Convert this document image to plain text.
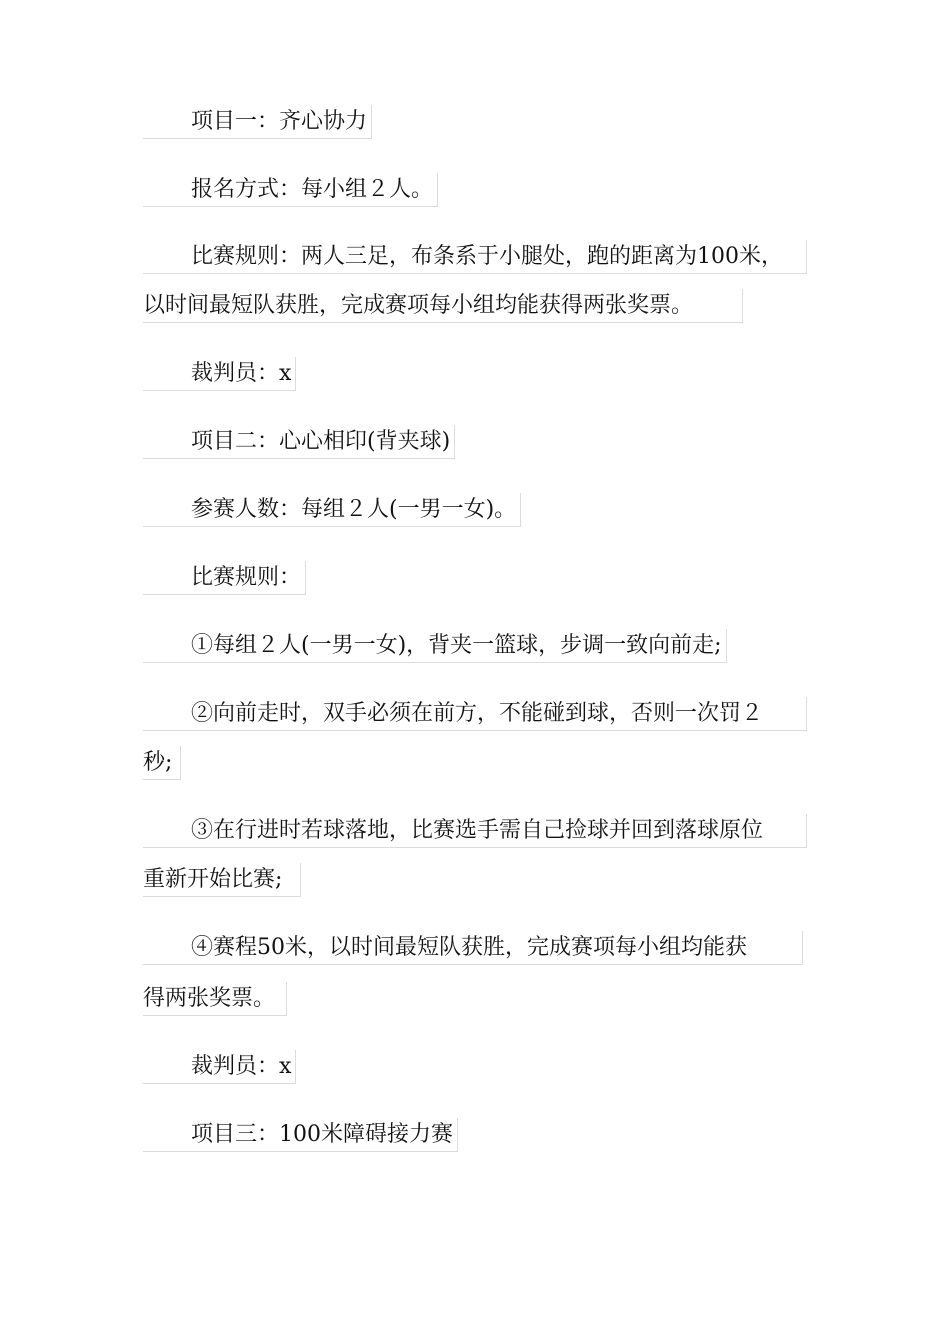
项目一：齐心协力
报名方式：每小组２人。
比赛规则：两人三足，布条系于小腿处，跑的距离为100米，
以时间最短队获胜，完成赛项每小组均能获得两张奖票。
裁判员：x
项目二：心心相印(背夹球)
参赛人数：每组２人(一男一女)。
比赛规则：
①每组２人(一男一女)，背夹一篮球，步调一致向前走;
②向前走时，双手必须在前方，不能碰到球，否则一次罚２
秒;
③在行进时若球落地，比赛选手需自己捡球并回到落球原位
重新开始比赛;
④赛程50米，以时间最短队获胜，完成赛项每小组均能获
得两张奖票。
裁判员：x
项目三：100米障碍接力赛
